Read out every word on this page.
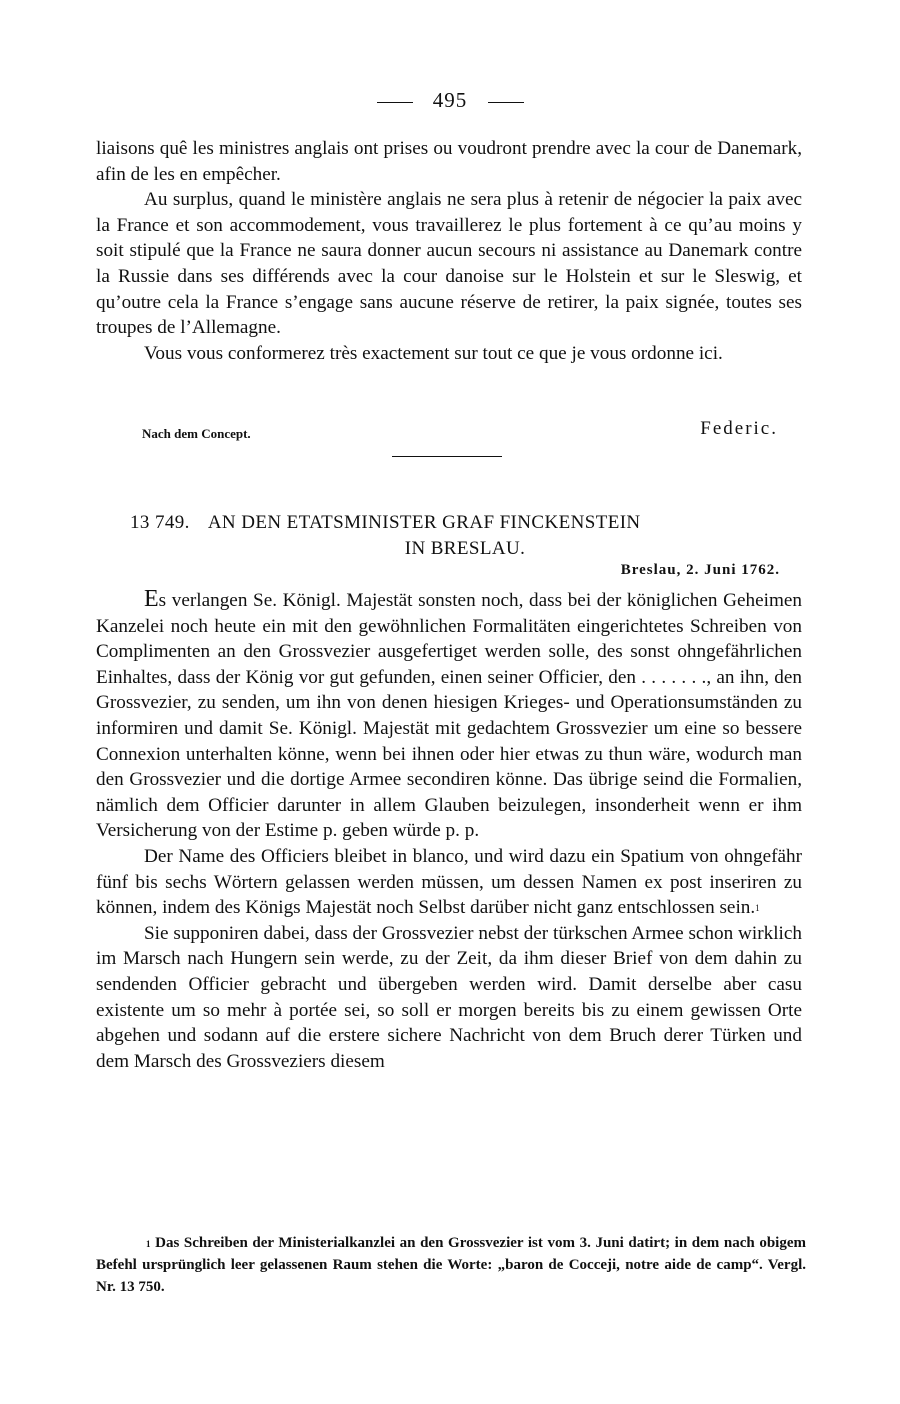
495

liaisons quê les ministres anglais ont prises ou voudront prendre avec la cour de Danemark, afin de les en empêcher.

Au surplus, quand le ministère anglais ne sera plus à retenir de négocier la paix avec la France et son accommodement, vous travaillerez le plus fortement à ce qu’au moins y soit stipulé que la France ne saura donner aucun secours ni assistance au Danemark contre la Russie dans ses différends avec la cour danoise sur le Holstein et sur le Sleswig, et qu’outre cela la France s’engage sans aucune réserve de retirer, la paix signée, toutes ses troupes de l’Allemagne.

Vous vous conformerez très exactement sur tout ce que je vous ordonne ici.

Nach dem Concept.	Federic.
13 749. AN DEN ETATSMINISTER GRAF FINCKENSTEIN
IN BRESLAU.
Breslau, 2. Juni 1762.

Es verlangen Se. Königl. Majestät sonsten noch, dass bei der königlichen Geheimen Kanzelei noch heute ein mit den gewöhnlichen Formalitäten eingerichtetes Schreiben von Complimenten an den Grossvezier ausgefertiget werden solle, des sonst ohngefährlichen Einhaltes, dass der König vor gut gefunden, einen seiner Officier, den . . . . . . ., an ihn, den Grossvezier, zu senden, um ihn von denen hiesigen Krieges- und Operationsumständen zu informiren und damit Se. Königl. Majestät mit gedachtem Grossvezier um eine so bessere Connexion unterhalten könne, wenn bei ihnen oder hier etwas zu thun wäre, wodurch man den Grossvezier und die dortige Armee secondiren könne. Das übrige seind die Formalien, nämlich dem Officier darunter in allem Glauben beizulegen, insonderheit wenn er ihm Versicherung von der Estime p. geben würde p. p.

Der Name des Officiers bleibet in blanco, und wird dazu ein Spatium von ohngefähr fünf bis sechs Wörtern gelassen werden müssen, um dessen Namen ex post inseriren zu können, indem des Königs Majestät noch Selbst darüber nicht ganz entschlossen sein.$^1$

Sie supponiren dabei, dass der Grossvezier nebst der türkschen Armee schon wirklich im Marsch nach Hungern sein werde, zu der Zeit, da ihm dieser Brief von dem dahin zu sendenden Officier gebracht und übergeben werden wird. Damit derselbe aber casu existente um so mehr à portée sei, so soll er morgen bereits bis zu einem gewissen Orte abgehen und sodann auf die erstere sichere Nachricht von dem Bruch derer Türken und dem Marsch des Grossveziers diesem

$^1$ Das Schreiben der Ministerialkanzlei an den Grossvezier ist vom 3. Juni datirt; in dem nach obigem Befehl ursprünglich leer gelassenen Raum stehen die Worte: „baron de Cocceji, notre aide de camp“. Vergl. Nr. 13 750.
